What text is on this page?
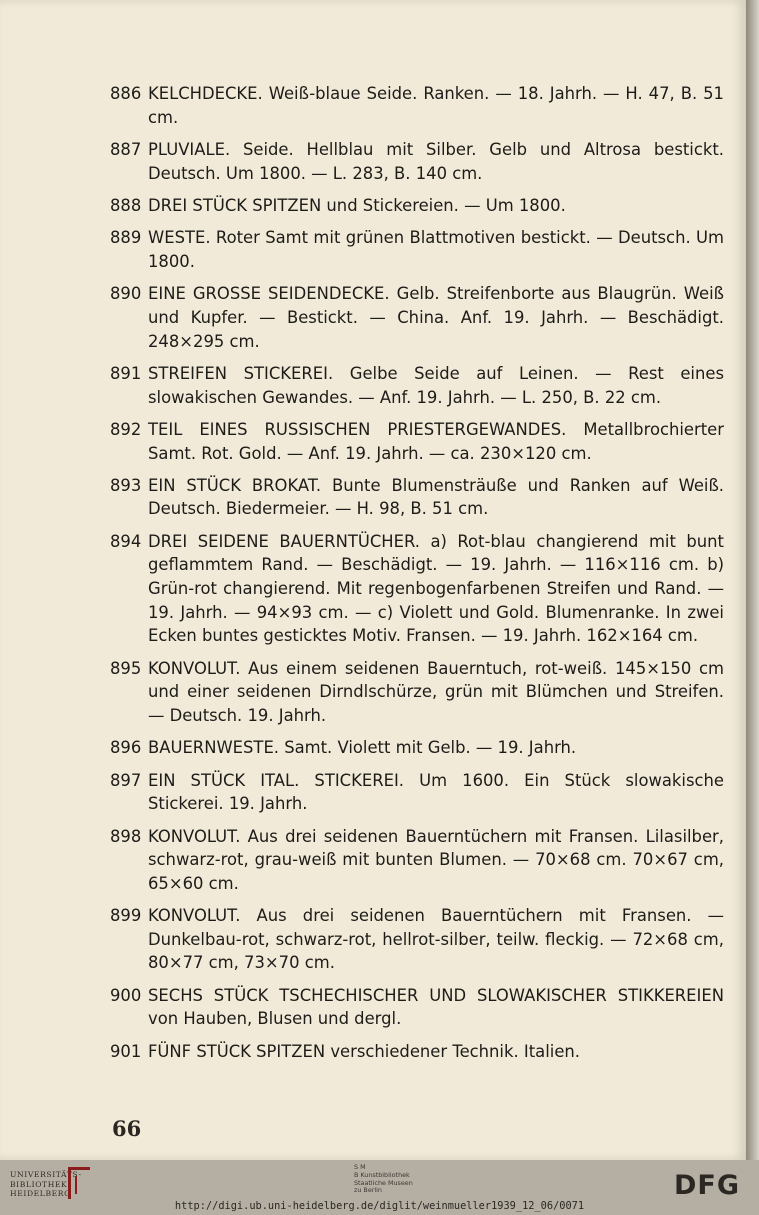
886 KELCHDECKE. Weiß-blaue Seide. Ranken. — 18. Jahrh. — H. 47, B. 51 cm.
887 PLUVIALE. Seide. Hellblau mit Silber. Gelb und Altrosa bestickt. Deutsch. Um 1800. — L. 283, B. 140 cm.
888 DREI STÜCK SPITZEN und Stickereien. — Um 1800.
889 WESTE. Roter Samt mit grünen Blattmotiven bestickt. — Deutsch. Um 1800.
890 EINE GROSSE SEIDENDECKE. Gelb. Streifenborte aus Blaugrün. Weiß und Kupfer. — Bestickt. — China. Anf. 19. Jahrh. — Beschädigt. 248×295 cm.
891 STREIFEN STICKEREI. Gelbe Seide auf Leinen. — Rest eines slowakischen Gewandes. — Anf. 19. Jahrh. — L. 250, B. 22 cm.
892 TEIL EINES RUSSISCHEN PRIESTERGEWANDES. Metallbrochierter Samt. Rot. Gold. — Anf. 19. Jahrh. — ca. 230×120 cm.
893 EIN STÜCK BROKAT. Bunte Blumensträuße und Ranken auf Weiß. Deutsch. Biedermeier. — H. 98, B. 51 cm.
894 DREI SEIDENE BAUERNTÜCHER. a) Rot-blau changierend mit bunt geflammtem Rand. — Beschädigt. — 19. Jahrh. — 116×116 cm. b) Grün-rot changierend. Mit regenbogenfarbenen Streifen und Rand. — 19. Jahrh. — 94×93 cm. — c) Violett und Gold. Blumenranke. In zwei Ecken buntes gesticktes Motiv. Fransen. — 19. Jahrh. 162×164 cm.
895 KONVOLUT. Aus einem seidenen Bauerntuch, rot-weiß. 145×150 cm und einer seidenen Dirndlschürze, grün mit Blümchen und Streifen. — Deutsch. 19. Jahrh.
896 BAUERNWESTE. Samt. Violett mit Gelb. — 19. Jahrh.
897 EIN STÜCK ITAL. STICKEREI. Um 1600. Ein Stück slowakische Stickerei. 19. Jahrh.
898 KONVOLUT. Aus drei seidenen Bauerntüchern mit Fransen. Lilasilber, schwarz-rot, grau-weiß mit bunten Blumen. — 70×68 cm. 70×67 cm, 65×60 cm.
899 KONVOLUT. Aus drei seidenen Bauerntüchern mit Fransen. — Dunkelbau-rot, schwarz-rot, hellrot-silber, teilw. fleckig. — 72×68 cm, 80×77 cm, 73×70 cm.
900 SECHS STÜCK TSCHECHISCHER UND SLOWAKISCHER STIKKEREIEN von Hauben, Blusen und dergl.
901 FÜNF STÜCK SPITZEN verschiedener Technik. Italien.
66
UNIVERSITÄTS-
BIBLIOTHEK
HEIDELBERG
S M
B Kunstbibliothek
Staatliche Museen
zu Berlin	DFG
http://digi.ub.uni-heidelberg.de/diglit/weinmueller1939_12_06/0071
